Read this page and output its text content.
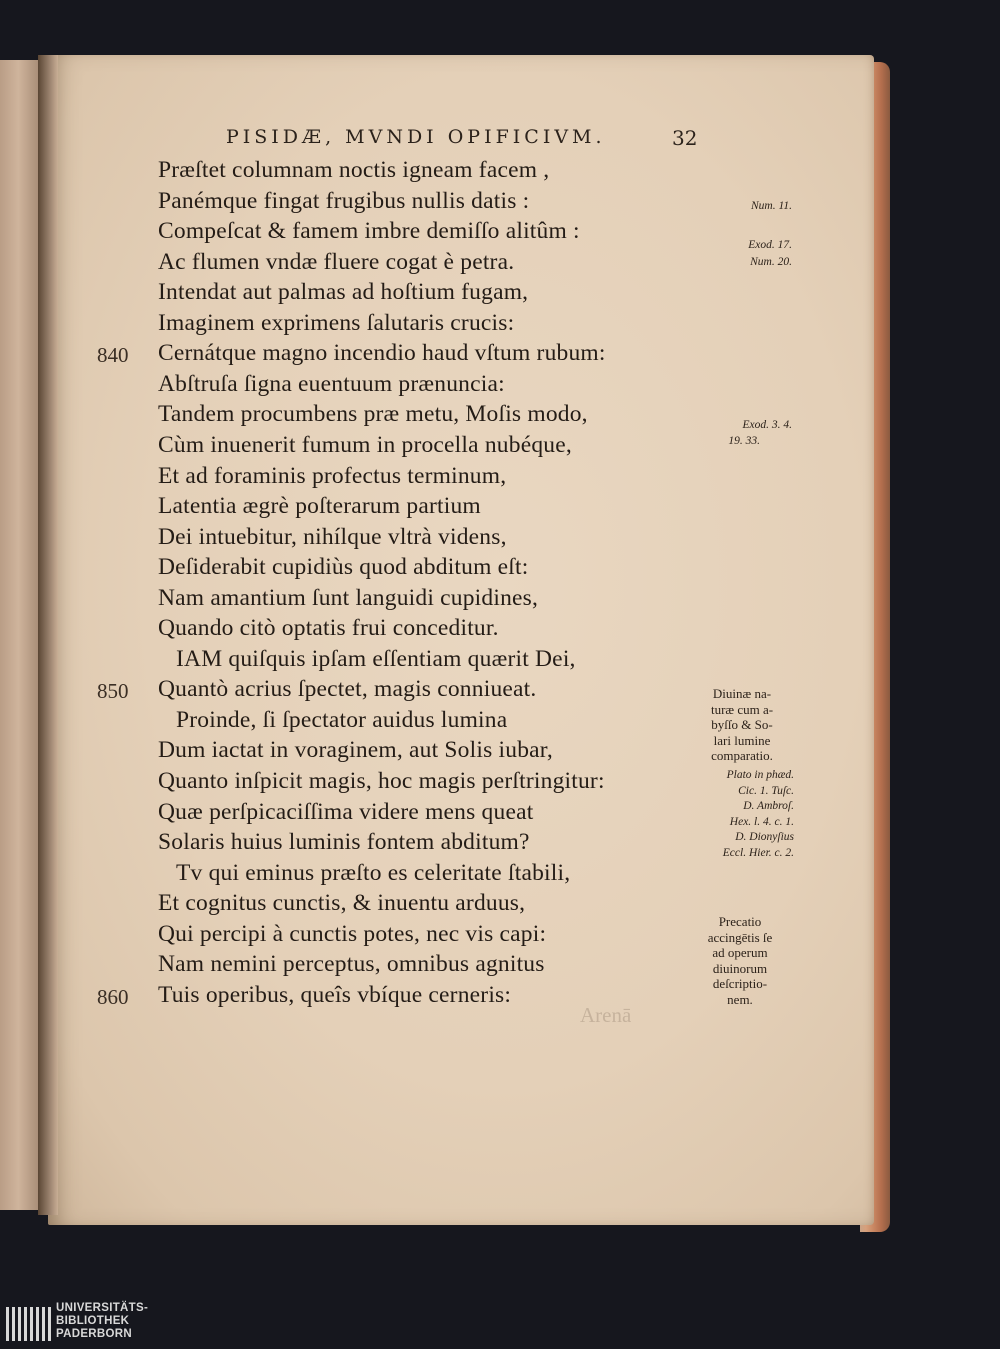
PISIDÆ, MVNDI OPIFICIVM.	32
Præſtet columnam noctis igneam facem ,
Panémque fingat frugibus nullis datis :
Compeſcat & famem imbre demiſſo alitûm :
Ac flumen vndæ fluere cogat è petra.
Intendat aut palmas ad hoſtium fugam,
Imaginem exprimens ſalutaris crucis:
Cernátque magno incendio haud vſtum rubum:
840
Abſtruſa ſigna euentuum prænuncia:
Tandem procumbens præ metu, Moſis modo,
Cùm inuenerit fumum in procella nubéque,
Et ad foraminis profectus terminum,
Latentia ægrè poſterarum partium
Dei intuebitur, nihílque vltrà videns,
Deſiderabit cupidiùs quod abditum eſt:
Nam amantium ſunt languidi cupidines,
Quando citò optatis frui conceditur.
IAM quiſquis ipſam eſſentiam quærit Dei,
Quantò acrius ſpectet, magis conniueat.
850
Proinde, ſi ſpectator auidus lumina
Dum iactat in voraginem, aut Solis iubar,
Quanto inſpicit magis, hoc magis perſtringitur:
Quæ perſpicaciſſima videre mens queat
Solaris huius luminis fontem abditum?
Tv qui eminus præſto es celeritate ſtabili,
Et cognitus cunctis, & inuentu arduus,
Qui percipi à cunctis potes, nec vis capi:
Nam nemini perceptus, omnibus agnitus
Tuis operibus, queîs vbíque cerneris:
860
Num. 11.
Exod. 17.
Num. 20.
Exod. 3. 4.
19. 33.
Diuinæ na-
turæ cum a-
byſſo & So-
lari lumine
comparatio.
Plato in phæd.
Cic. 1. Tuſc.
D. Ambroſ.
Hex. l. 4. c. 1.
D. Dionyſius
Eccl. Hier. c. 2.
Precatio
accingētis ſe
ad operum
diuinorum
deſcriptio-
nem.
Arenā
UNIVERSITÄTS-
BIBLIOTHEK
PADERBORN
